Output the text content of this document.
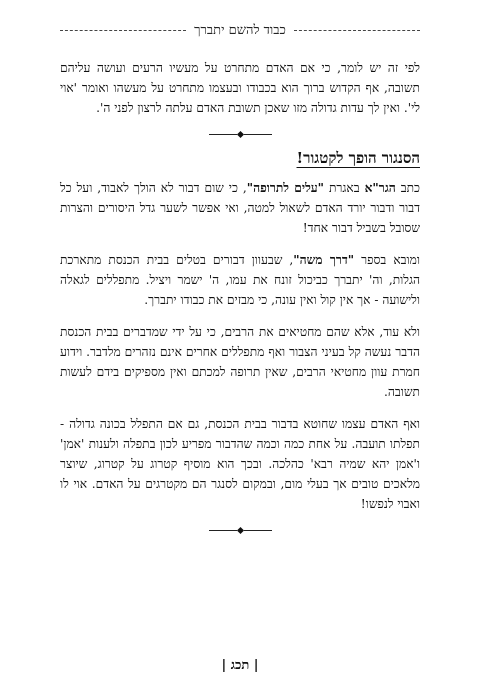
כבוד להשם יתברך

לפי זה יש לומר, כי אם האדם מתחרט על מעשיו הרעים ועושה עליהם תשובה, אף הקדוש ברוך הוא בכבודו ובעצמו מתחרט על מעשהו ואומר 'אוי לי'. ואין לך עדות גדולה מזו שאכן תשובת האדם עלתה לרצון לפני ה'.

הסנגור הופך לקטגור!

כתב הגר"א באגרת "עלים לתרופה", כי שום דבור לא הולך לאבוד, ועל כל דבור ודבור יורד האדם לשאול למטה, ואי אפשר לשער גדל היסורים והצרות שסובל בשביל דבור אחד!

ומובא בספר "דרך משה", שבעוון דבורים בטלים בבית הכנסת מתארכת הגלות, וה' יתברך כביכול זונח את עמו, ה' ישמר ויציל. מתפללים לגאלה ולישועה - אך אין קול ואין עונה, כי מבזים את כבודו יתברך.

ולא עוד, אלא שהם מחטיאים את הרבים, כי על ידי שמדברים בבית הכנסת הדבר נעשה קל בעיני הצבור ואף מתפללים אחרים אינם נזהרים מלדבר. וידוע חמרת עוון מחטיאי הרבים, שאין תרופה למכתם ואין מספיקים בידם לעשות תשובה.

ואף האדם עצמו שחוטא בדבור בבית הכנסת, גם אם התפלל בכונה גדולה - תפלתו תועבה. על אחת כמה וכמה שהדבור מפריע לכון בתפלה ולענות 'אמן' ו'אמן יהא שמיה רבא' כהלכה. ובכך הוא מוסיף קטרוג על קטרוג, שיוצר מלאכים טובים אך בעלי מום, ובמקום לסנגר הם מקטרגים על האדם. אוי לו ואבוי לנפשו!

| תכג |
